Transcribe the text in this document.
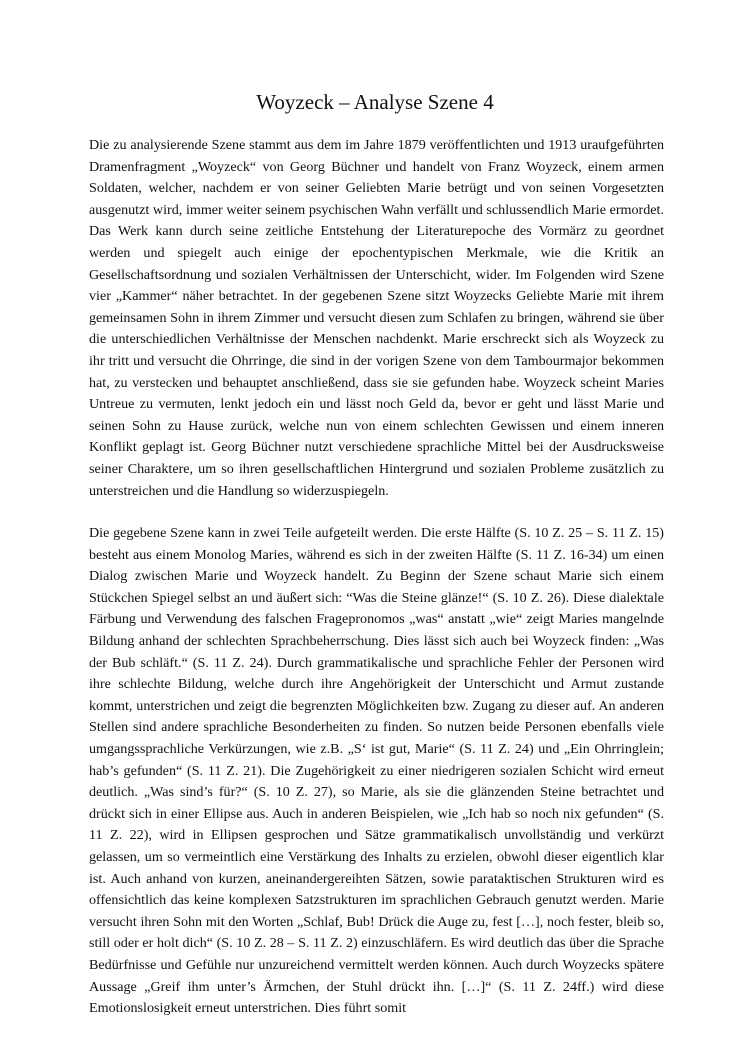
Woyzeck – Analyse Szene 4

Die zu analysierende Szene stammt aus dem im Jahre 1879 veröffentlichten und 1913 uraufgeführten Dramenfragment „Woyzeck“ von Georg Büchner und handelt von Franz Woyzeck, einem armen Soldaten, welcher, nachdem er von seiner Geliebten Marie betrügt und von seinen Vorgesetzten ausgenutzt wird, immer weiter seinem psychischen Wahn verfällt und schlussendlich Marie ermordet. Das Werk kann durch seine zeitliche Entstehung der Literaturepoche des Vormärz zu geordnet werden und spiegelt auch einige der epochentypischen Merkmale, wie die Kritik an Gesellschaftsordnung und sozialen Verhältnissen der Unterschicht, wider. Im Folgenden wird Szene vier „Kammer“ näher betrachtet. In der gegebenen Szene sitzt Woyzecks Geliebte Marie mit ihrem gemeinsamen Sohn in ihrem Zimmer und versucht diesen zum Schlafen zu bringen, während sie über die unterschiedlichen Verhältnisse der Menschen nachdenkt. Marie erschreckt sich als Woyzeck zu ihr tritt und versucht die Ohrringe, die sind in der vorigen Szene von dem Tambourmajor bekommen hat, zu verstecken und behauptet anschließend, dass sie sie gefunden habe. Woyzeck scheint Maries Untreue zu vermuten, lenkt jedoch ein und lässt noch Geld da, bevor er geht und lässt Marie und seinen Sohn zu Hause zurück, welche nun von einem schlechten Gewissen und einem inneren Konflikt geplagt ist. Georg Büchner nutzt verschiedene sprachliche Mittel bei der Ausdrucksweise seiner Charaktere, um so ihren gesellschaftlichen Hintergrund und sozialen Probleme zusätzlich zu unterstreichen und die Handlung so widerzuspiegeln.

Die gegebene Szene kann in zwei Teile aufgeteilt werden. Die erste Hälfte (S. 10 Z. 25 – S. 11 Z. 15) besteht aus einem Monolog Maries, während es sich in der zweiten Hälfte (S. 11 Z. 16-34) um einen Dialog zwischen Marie und Woyzeck handelt. Zu Beginn der Szene schaut Marie sich einem Stückchen Spiegel selbst an und äußert sich: “Was die Steine glänze!“ (S. 10 Z. 26). Diese dialektale Färbung und Verwendung des falschen Fragepronomos „was“ anstatt „wie“ zeigt Maries mangelnde Bildung anhand der schlechten Sprachbeherrschung. Dies lässt sich auch bei Woyzeck finden: „Was der Bub schläft.“ (S. 11 Z. 24). Durch grammatikalische und sprachliche Fehler der Personen wird ihre schlechte Bildung, welche durch ihre Angehörigkeit der Unterschicht und Armut zustande kommt, unterstrichen und zeigt die begrenzten Möglichkeiten bzw. Zugang zu dieser auf. An anderen Stellen sind andere sprachliche Besonderheiten zu finden. So nutzen beide Personen ebenfalls viele umgangssprachliche Verkürzungen, wie z.B. „S‘ ist gut, Marie“ (S. 11 Z. 24) und „Ein Ohrringlein; hab’s gefunden“ (S. 11 Z. 21). Die Zugehörigkeit zu einer niedrigeren sozialen Schicht wird erneut deutlich. „Was sind’s für?“ (S. 10 Z. 27), so Marie, als sie die glänzenden Steine betrachtet und drückt sich in einer Ellipse aus. Auch in anderen Beispielen, wie „Ich hab so noch nix gefunden“ (S. 11 Z. 22), wird in Ellipsen gesprochen und Sätze grammatikalisch unvollständig und verkürzt gelassen, um so vermeintlich eine Verstärkung des Inhalts zu erzielen, obwohl dieser eigentlich klar ist. Auch anhand von kurzen, aneinandergereihten Sätzen, sowie parataktischen Strukturen wird es offensichtlich das keine komplexen Satzstrukturen im sprachlichen Gebrauch genutzt werden. Marie versucht ihren Sohn mit den Worten „Schlaf, Bub! Drück die Auge zu, fest […], noch fester, bleib so, still oder er holt dich“ (S. 10 Z. 28 – S. 11 Z. 2) einzuschläfern. Es wird deutlich das über die Sprache Bedürfnisse und Gefühle nur unzureichend vermittelt werden können. Auch durch Woyzecks spätere Aussage „Greif ihm unter’s Ärmchen, der Stuhl drückt ihn. […]“ (S. 11 Z. 24ff.) wird diese Emotionslosigkeit erneut unterstrichen. Dies führt somit
